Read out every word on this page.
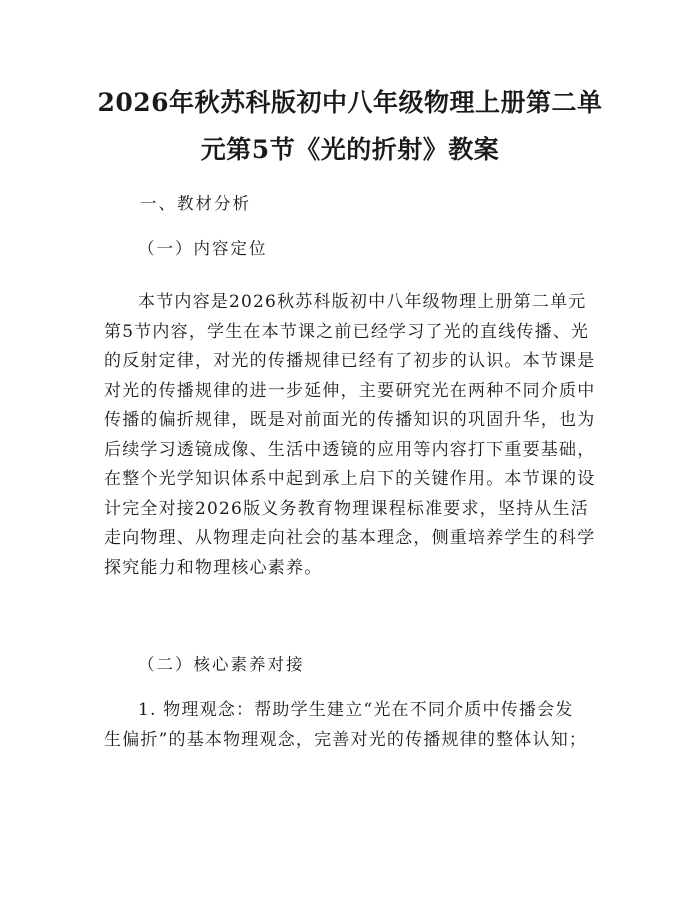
2026年秋苏科版初中八年级物理上册第二单
元第5节《光的折射》教案
一、教材分析
（一）内容定位
本节内容是2026秋苏科版初中八年级物理上册第二单元
第5节内容，学生在本节课之前已经学习了光的直线传播、光
的反射定律，对光的传播规律已经有了初步的认识。本节课是
对光的传播规律的进一步延伸，主要研究光在两种不同介质中
传播的偏折规律，既是对前面光的传播知识的巩固升华，也为
后续学习透镜成像、生活中透镜的应用等内容打下重要基础，
在整个光学知识体系中起到承上启下的关键作用。本节课的设
计完全对接2026版义务教育物理课程标准要求，坚持从生活
走向物理、从物理走向社会的基本理念，侧重培养学生的科学
探究能力和物理核心素养。
（二）核心素养对接
1. 物理观念：帮助学生建立“光在不同介质中传播会发
生偏折”的基本物理观念，完善对光的传播规律的整体认知；
